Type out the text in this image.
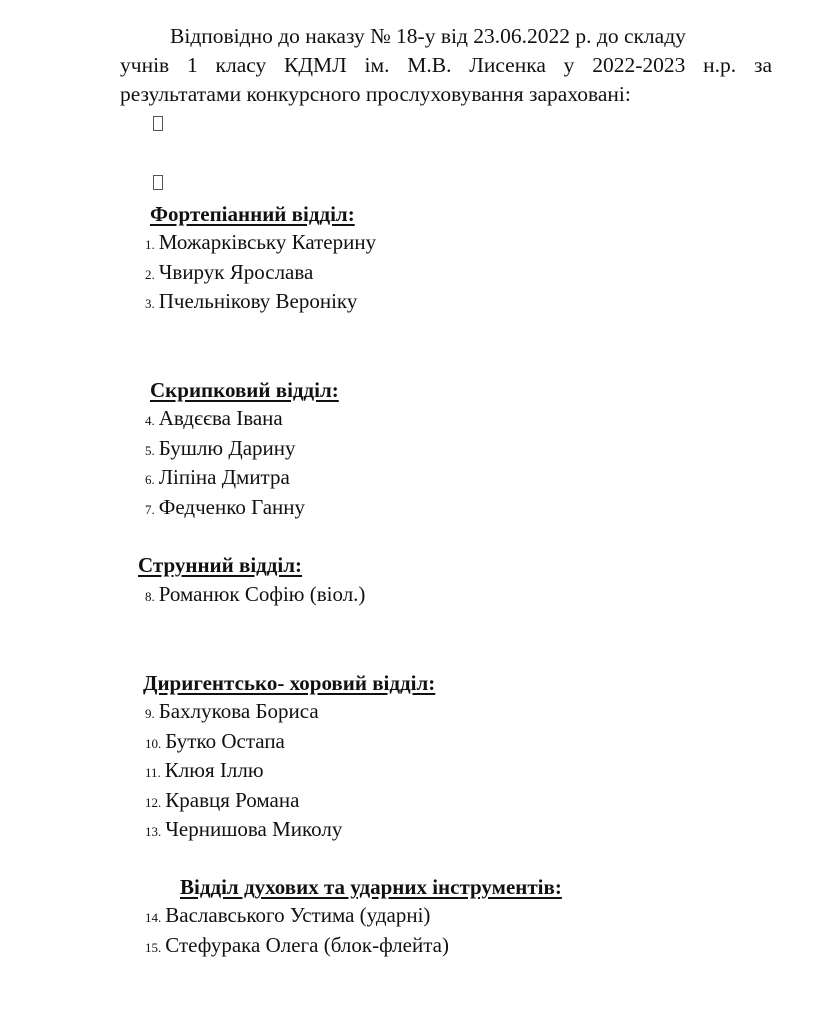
Відповідно до наказу № 18-у від 23.06.2022 р. до складу
учнів 1 класу КДМЛ ім. М.В. Лисенка у 2022-2023 н.р. за
результатами конкурсного прослуховування зараховані:

Фортепіанний відділ:

1. Можарківську Катерину
2. Чвирук Ярослава
3. Пчельнікову Вероніку

Скрипковий відділ:

4. Авдєєва Івана
5. Бушлю Дарину
6. Ліпіна Дмитра
7. Федченко Ганну

Струнний відділ:

8. Романюк Софію (віол.)

Диригентсько- хоровий відділ:

9. Бахлукова Бориса
10. Бутко Остапа
11. Клюя Іллю
12. Кравця Романа
13. Чернишова Миколу

Відділ духових та ударних інструментів:

14. Ваславського Устима (ударні)
15. Стефурака Олега (блок-флейта)
